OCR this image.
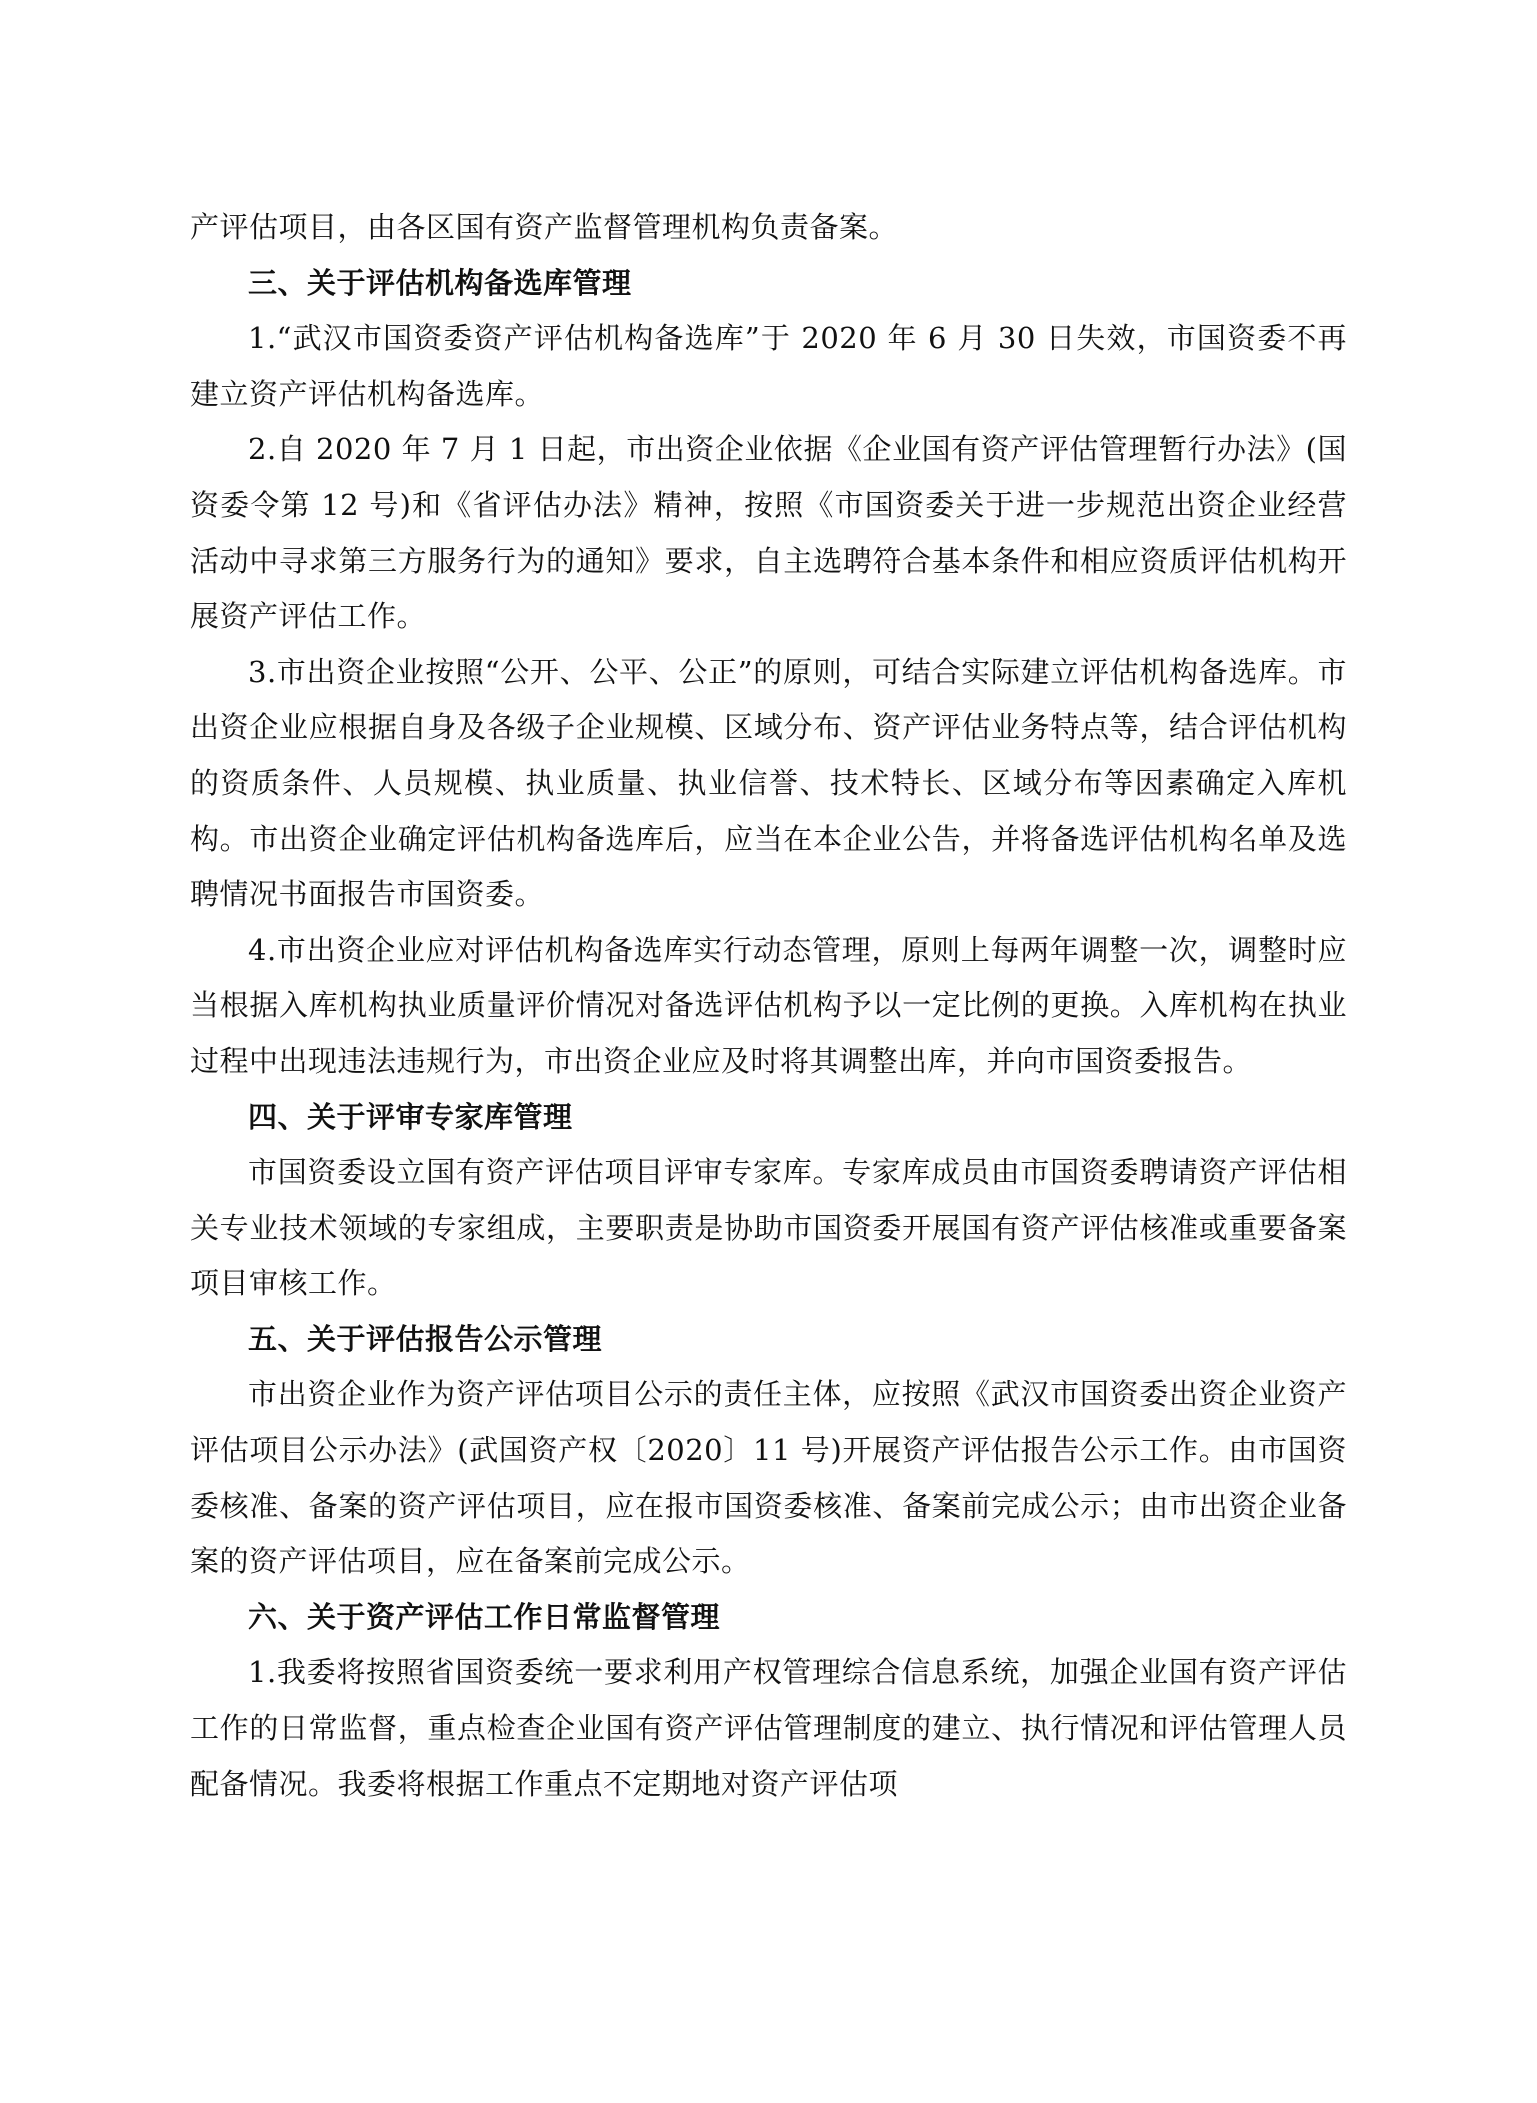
产评估项目，由各区国有资产监督管理机构负责备案。

三、关于评估机构备选库管理

1.“武汉市国资委资产评估机构备选库”于 2020 年 6 月 30 日失效，市国资委不再建立资产评估机构备选库。

2.自 2020 年 7 月 1 日起，市出资企业依据《企业国有资产评估管理暂行办法》(国资委令第 12 号)和《省评估办法》精神，按照《市国资委关于进一步规范出资企业经营活动中寻求第三方服务行为的通知》要求，自主选聘符合基本条件和相应资质评估机构开展资产评估工作。

3.市出资企业按照“公开、公平、公正”的原则，可结合实际建立评估机构备选库。市出资企业应根据自身及各级子企业规模、区域分布、资产评估业务特点等，结合评估机构的资质条件、人员规模、执业质量、执业信誉、技术特长、区域分布等因素确定入库机构。市出资企业确定评估机构备选库后，应当在本企业公告，并将备选评估机构名单及选聘情况书面报告市国资委。

4.市出资企业应对评估机构备选库实行动态管理，原则上每两年调整一次，调整时应当根据入库机构执业质量评价情况对备选评估机构予以一定比例的更换。入库机构在执业过程中出现违法违规行为，市出资企业应及时将其调整出库，并向市国资委报告。

四、关于评审专家库管理

市国资委设立国有资产评估项目评审专家库。专家库成员由市国资委聘请资产评估相关专业技术领域的专家组成，主要职责是协助市国资委开展国有资产评估核准或重要备案项目审核工作。

五、关于评估报告公示管理

市出资企业作为资产评估项目公示的责任主体，应按照《武汉市国资委出资企业资产评估项目公示办法》(武国资产权〔2020〕11 号)开展资产评估报告公示工作。由市国资委核准、备案的资产评估项目，应在报市国资委核准、备案前完成公示；由市出资企业备案的资产评估项目，应在备案前完成公示。

六、关于资产评估工作日常监督管理

1.我委将按照省国资委统一要求利用产权管理综合信息系统，加强企业国有资产评估工作的日常监督，重点检查企业国有资产评估管理制度的建立、执行情况和评估管理人员配备情况。我委将根据工作重点不定期地对资产评估项
